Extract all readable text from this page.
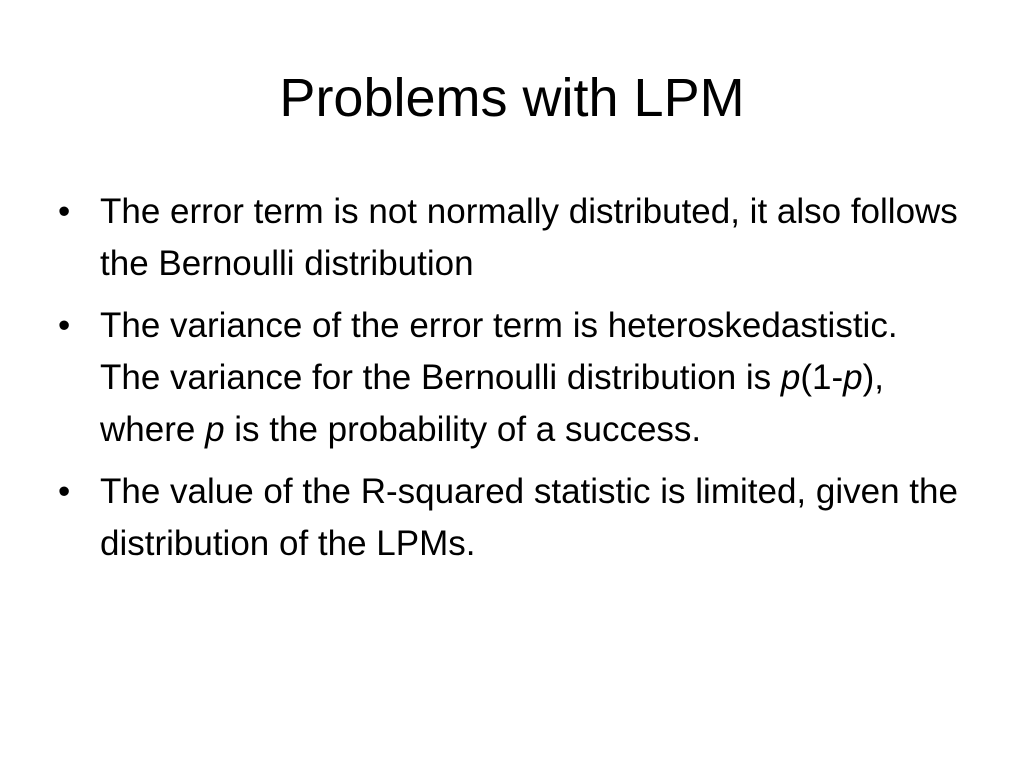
Problems with LPM
• The error term is not normally distributed, it also follows the Bernoulli distribution
• The variance of the error term is heteroskedastistic. The variance for the Bernoulli distribution is p(1-p), where p is the probability of a success.
• The value of the R-squared statistic is limited, given the distribution of the LPMs.
